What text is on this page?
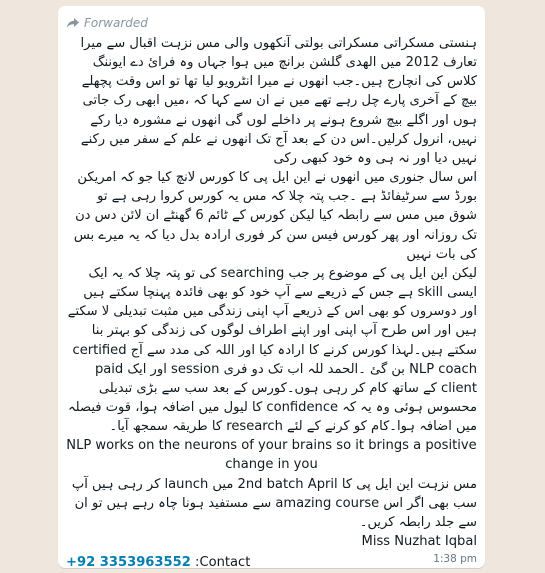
Forwarded

ہنستی مسکراتی مسکراتی بولتی آنکھوں والی مس نزہت اقبال سے میرا تعارف 2012 میں الھدی گلشن برانچ میں ہوا جہاں وہ فرائ دے ایوننگ کلاس کی انچارج ہیں۔جب انھوں نے میرا انٹرویو لیا تھا تو اس وقت پچھلے بیچ کے آخری پارے چل رہے تھے میں نے ان سے کہا کہ ،میں ابھی رک جاتی ہوں اور اگلے بیچ شروع ہونے پر داخلے لوں گی انھوں نے مشورہ دیا رکے نہیں، انرول کرلیں۔اس دن کے بعد آج تک انھوں نے علم کے سفر میں رکنے نہیں دیا اور نہ ہی وہ خود کبھی رکی

اس سال جنوری میں انھوں نے این ایل پی کا کورس لانچ کیا جو کہ امریکن بورڈ سے سرٹیفائڈ ہے ۔جب پتہ چلا کہ مس یہ کورس کروا رہی ہے تو شوق میں مس سے رابطہ کیا لیکن کورس کے ٹائم 6 گھنٹے ان لائن دس دن تک روزانہ اور پھر کورس فیس سن کر فوری ارادہ بدل دیا کہ یہ میرے بس کی بات نہیں

لیکن این ایل پی کے موضوع پر جب searching کی تو پتہ چلا کہ یہ ایک ایسی skill ہے جس کے ذریعے سے آپ خود کو بھی فائدہ پہنچا سکتے ہیں اور دوسروں کو بھی اس کے ذریعے آپ اپنی زندگی میں مثبت تبدیلی لا سکتے ہیں اور اس طرح آپ اپنی اور اپنے اطراف لوگوں کی زندگی کو بہتر بنا سکتے ہیں۔لہذا کورس کرنے کا ارادہ کیا اور اللہ کی مدد سے آج certified NLP coach بن گئ ۔الحمد للہ اب تک دو فری session اور ایک paid client کے ساتھ کام کر رہی ہوں۔کورس کے بعد سب سے بڑی تبدیلی محسوس ہوئی وہ یہ کہ confidence کا لیول میں اضافہ ہوا، قوت فیصلہ میں اضافہ ہوا۔کام کو کرنے کے لئے research کا طریقہ سمجھ آیا۔

NLP works on the neurons of your brains so it brings a positive change in you

مس نزہت این ایل پی کا 2nd batch April میں launch کر رہی ہیں آپ سب بھی اگر اس amazing course سے مستفید ہونا چاہ رہے ہیں تو ان سے جلد رابطہ کریں۔

Miss Nuzhat Iqbal

+92 3353963552 :Contact	1:38 pm
